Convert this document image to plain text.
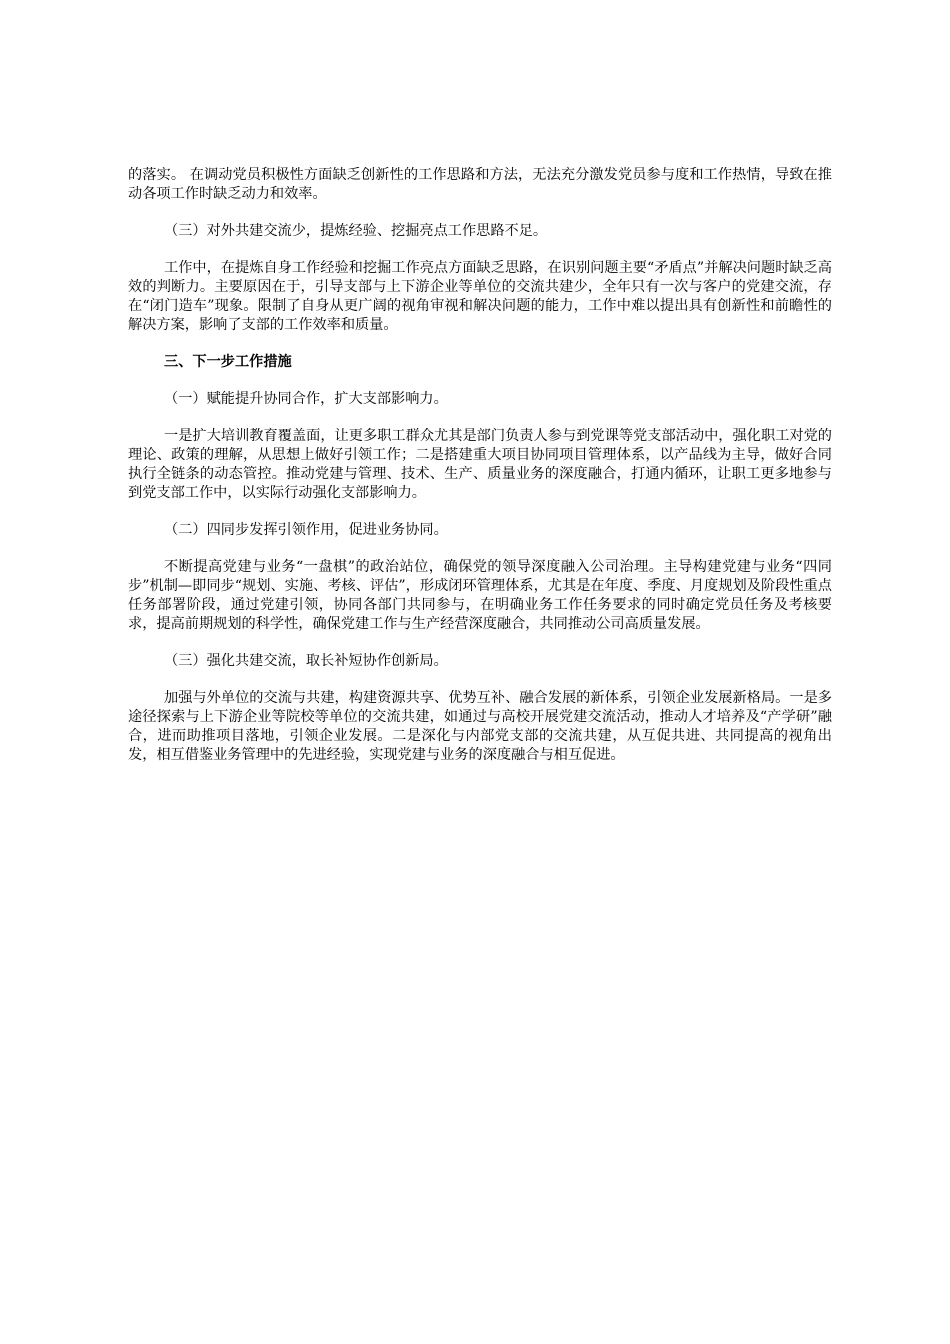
的落实。 在调动党员积极性方面缺乏创新性的工作思路和方法，无法充分激发党员参与度和工作热情，导致在推动各项工作时缺乏动力和效率。

（三）对外共建交流少，提炼经验、挖掘亮点工作思路不足。

工作中，在提炼自身工作经验和挖掘工作亮点方面缺乏思路，在识别问题主要“矛盾点”并解决问题时缺乏高效的判断力。主要原因在于，引导支部与上下游企业等单位的交流共建少，全年只有一次与客户的党建交流，存在“闭门造车”现象。限制了自身从更广阔的视角审视和解决问题的能力，工作中难以提出具有创新性和前瞻性的解决方案，影响了支部的工作效率和质量。

三、下一步工作措施

（一）赋能提升协同合作，扩大支部影响力。

一是扩大培训教育覆盖面，让更多职工群众尤其是部门负责人参与到党课等党支部活动中，强化职工对党的理论、政策的理解，从思想上做好引领工作；二是搭建重大项目协同项目管理体系，以产品线为主导，做好合同执行全链条的动态管控。推动党建与管理、技术、生产、质量业务的深度融合，打通内循环，让职工更多地参与到党支部工作中，以实际行动强化支部影响力。

（二）四同步发挥引领作用，促进业务协同。

不断提高党建与业务“一盘棋”的政治站位，确保党的领导深度融入公司治理。主导构建党建与业务“四同步”机制—即同步“规划、实施、考核、评估”，形成闭环管理体系，尤其是在年度、季度、月度规划及阶段性重点任务部署阶段，通过党建引领，协同各部门共同参与，在明确业务工作任务要求的同时确定党员任务及考核要求，提高前期规划的科学性，确保党建工作与生产经营深度融合，共同推动公司高质量发展。

（三）强化共建交流，取长补短协作创新局。

加强与外单位的交流与共建，构建资源共享、优势互补、融合发展的新体系，引领企业发展新格局。一是多途径探索与上下游企业等院校等单位的交流共建，如通过与高校开展党建交流活动，推动人才培养及“产学研”融合，进而助推项目落地，引领企业发展。二是深化与内部党支部的交流共建，从互促共进、共同提高的视角出发，相互借鉴业务管理中的先进经验，实现党建与业务的深度融合与相互促进。
